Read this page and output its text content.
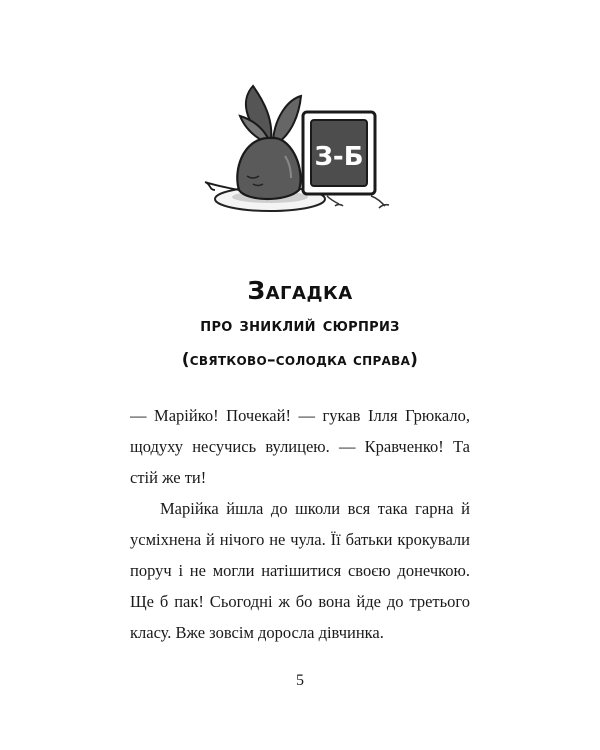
З-Б
Загадка
про зниклий сюрприз
(святково–солодка справа)

— Марійко! Почекай! — гукав Ілля Грюкало, щодуху несучись вулицею. — Кравченко! Та стій же ти!

Марійка йшла до школи вся така гарна й усміхнена й нічого не чула. Її батьки крокували поруч і не могли натішитися своєю донечкою. Ще б пак! Сьогодні ж бо вона йде до третього класу. Вже зовсім доросла дівчинка.

5
